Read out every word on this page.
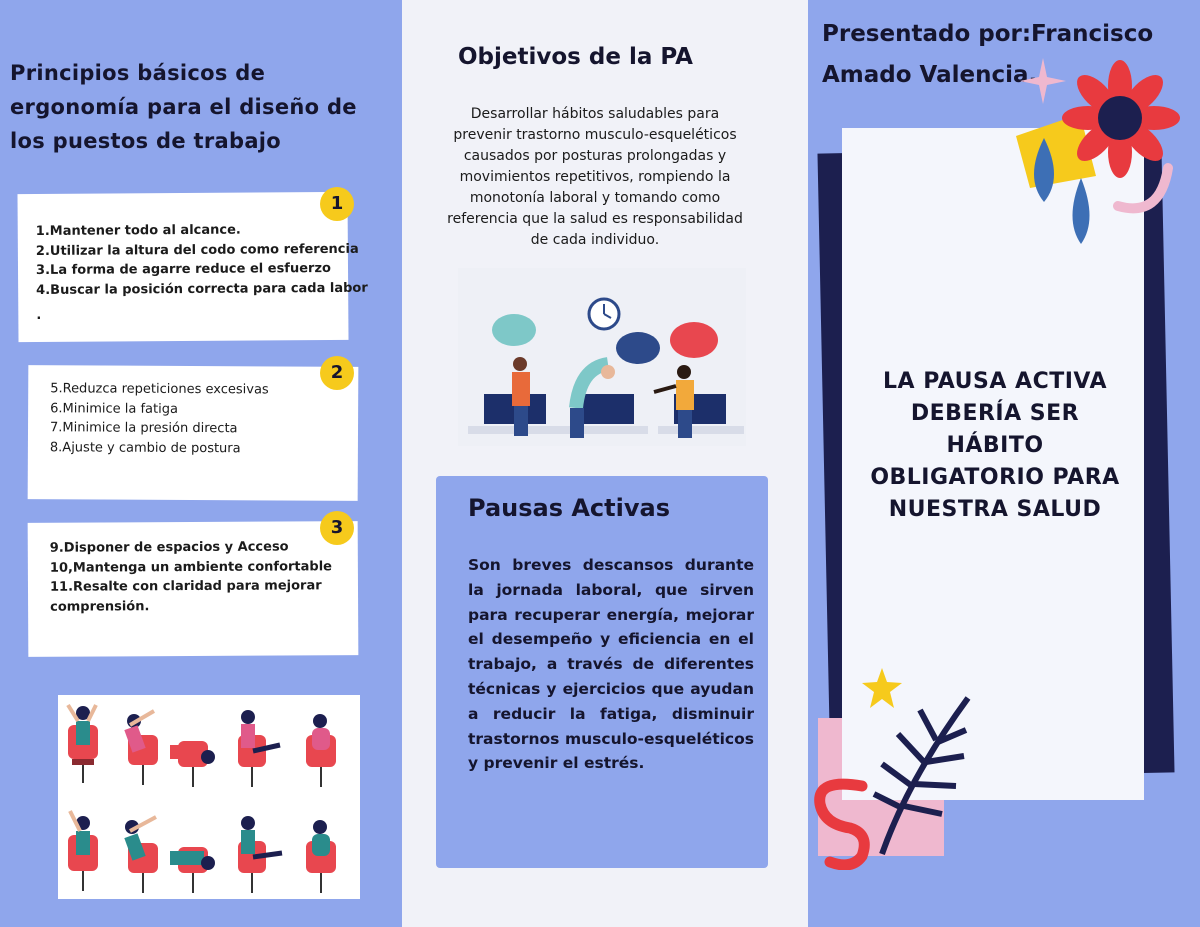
Principios básicos de ergonomía para el diseño de los puestos de trabajo
1.Mantener todo al alcance.
2.Utilizar la altura del codo como referencia
3.La forma de agarre reduce el esfuerzo
4.Buscar la posición correcta para cada labor
.
1
5.Reduzca repeticiones excesivas
6.Minimice la fatiga
7.Minimice la presión directa
8.Ajuste y cambio de postura
2
9.Disponer de espacios y Acceso
10,Mantenga un ambiente confortable
11.Resalte con claridad para mejorar comprensión.
3
Objetivos de la PA
Desarrollar hábitos saludables para prevenir trastorno musculo-esqueléticos causados por posturas prolongadas y movimientos repetitivos, rompiendo la monotonía laboral y tomando como referencia que la salud es responsabilidad de cada individuo.
Pausas Activas
Son breves descansos durante la jornada laboral, que sirven para recuperar energía, mejorar el desempeño y eficiencia en el trabajo, a través de diferentes técnicas y ejercicios que ayudan a reducir la fatiga, disminuir trastornos musculo-esqueléticos y prevenir el estrés.
Presentado por:Francisco Amado Valencia.
LA PAUSA ACTIVA DEBERÍA SER HÁBITO OBLIGATORIO PARA NUESTRA SALUD
